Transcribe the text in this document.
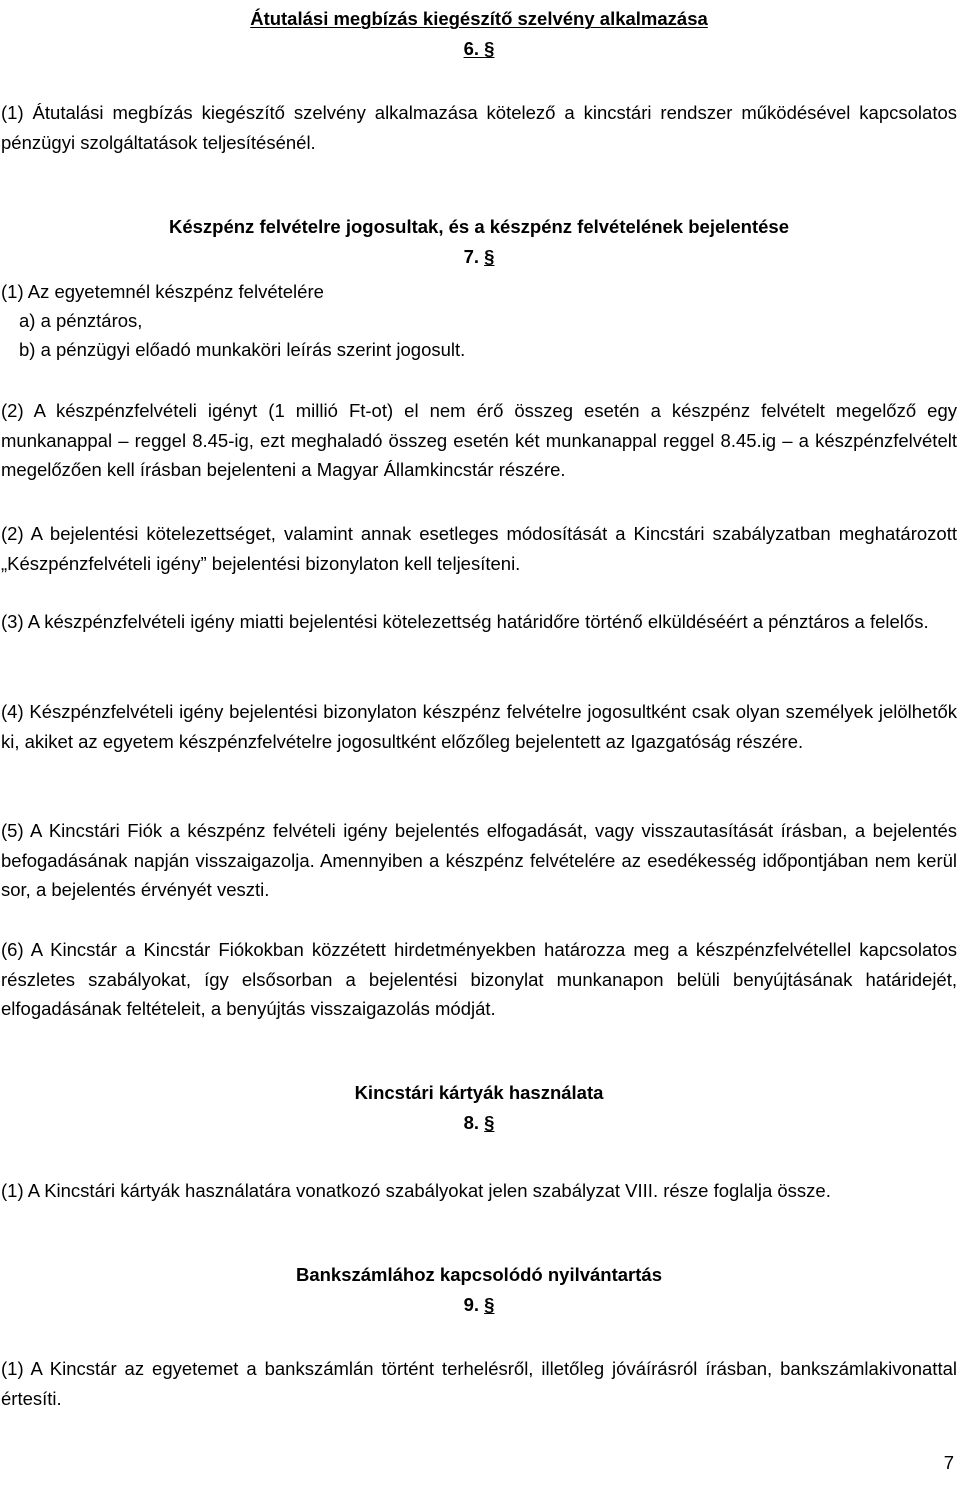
Átutalási megbízás kiegészítő szelvény alkalmazása
6. §

(1) Átutalási megbízás kiegészítő szelvény alkalmazása kötelező a kincstári rendszer működésével kapcsolatos pénzügyi szolgáltatások teljesítésénél.

Készpénz felvételre jogosultak, és a készpénz felvételének bejelentése
7. §

(1) Az egyetemnél készpénz felvételére

a) a pénztáros,

b) a pénzügyi előadó munkaköri leírás szerint jogosult.

(2) A készpénzfelvételi igényt (1 millió Ft-ot) el nem érő összeg esetén a készpénz felvételt megelőző egy munkanappal – reggel 8.45-ig, ezt meghaladó összeg esetén két munkanappal reggel 8.45.ig – a készpénzfelvételt megelőzően kell írásban bejelenteni a Magyar Államkincstár részére.

(2) A bejelentési kötelezettséget, valamint annak esetleges módosítását a Kincstári szabályzatban meghatározott „Készpénzfelvételi igény” bejelentési bizonylaton kell teljesíteni.

(3) A készpénzfelvételi igény miatti bejelentési kötelezettség határidőre történő elküldéséért a pénztáros a felelős.

(4) Készpénzfelvételi igény bejelentési bizonylaton készpénz felvételre jogosultként csak olyan személyek jelölhetők ki, akiket az egyetem készpénzfelvételre jogosultként előzőleg bejelentett az Igazgatóság részére.

(5) A Kincstári Fiók a készpénz felvételi igény bejelentés elfogadását, vagy visszautasítását írásban, a bejelentés befogadásának napján visszaigazolja. Amennyiben a készpénz felvételére az esedékesség időpontjában nem kerül sor, a bejelentés érvényét veszti.

(6) A Kincstár a Kincstár Fiókokban közzétett hirdetményekben határozza meg a készpénzfelvétellel kapcsolatos részletes szabályokat, így elsősorban a bejelentési bizonylat munkanapon belüli benyújtásának határidejét, elfogadásának feltételeit, a benyújtás visszaigazolás módját.

Kincstári kártyák használata
8. §

(1) A Kincstári kártyák használatára vonatkozó szabályokat jelen szabályzat VIII. része foglalja össze.

Bankszámlához kapcsolódó nyilvántartás
9. §

(1) A Kincstár az egyetemet a bankszámlán történt terhelésről, illetőleg jóváírásról írásban, bankszámlakivonattal értesíti.

7
